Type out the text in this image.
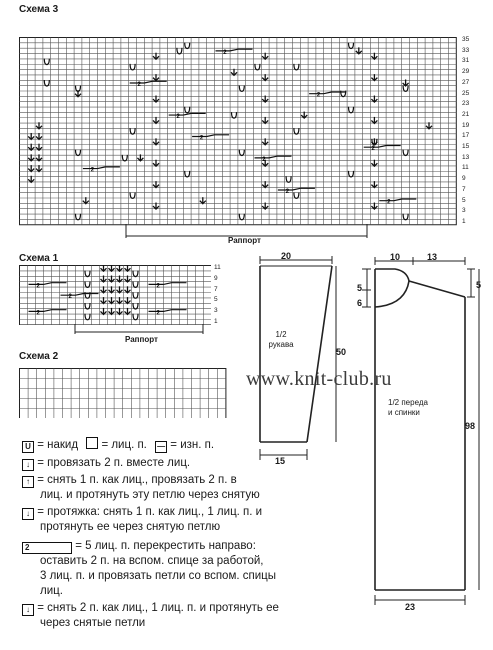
Схема 3
2
2
2
2
2
2
2
2
2
2
35
33
31
29
27
25
23
21
19
17
15
13
11
9
7
5
3
1
Раппорт
Схема 1
2	2
2	2
2
11
9
7
5
3
1
Раппорт
Схема 2
20
1/2 рукава
50
15
10	13
5
5
6
1/2 переда и спинки
98
23
www.knit-club.ru
U = накид = лиц. п. — = изн. п.
↓ = провязать 2 п. вместе лиц.
↑ = снять 1 п. как лиц., провязать 2 п. в
лиц. и протянуть эту петлю через снятую
↓ = протяжка: снять 1 п. как лиц., 1 лиц. п. и
протянуть ее через снятую петлю
2	= 5 лиц. п. перекрестить направо:
оставить 2 п. на вспом. спице за работой,
3 лиц. п. и провязать петли со вспом. спицы
лиц.
↓ = снять 2 п. как лиц., 1 лиц. п. и протянуть ее
через снятые петли
